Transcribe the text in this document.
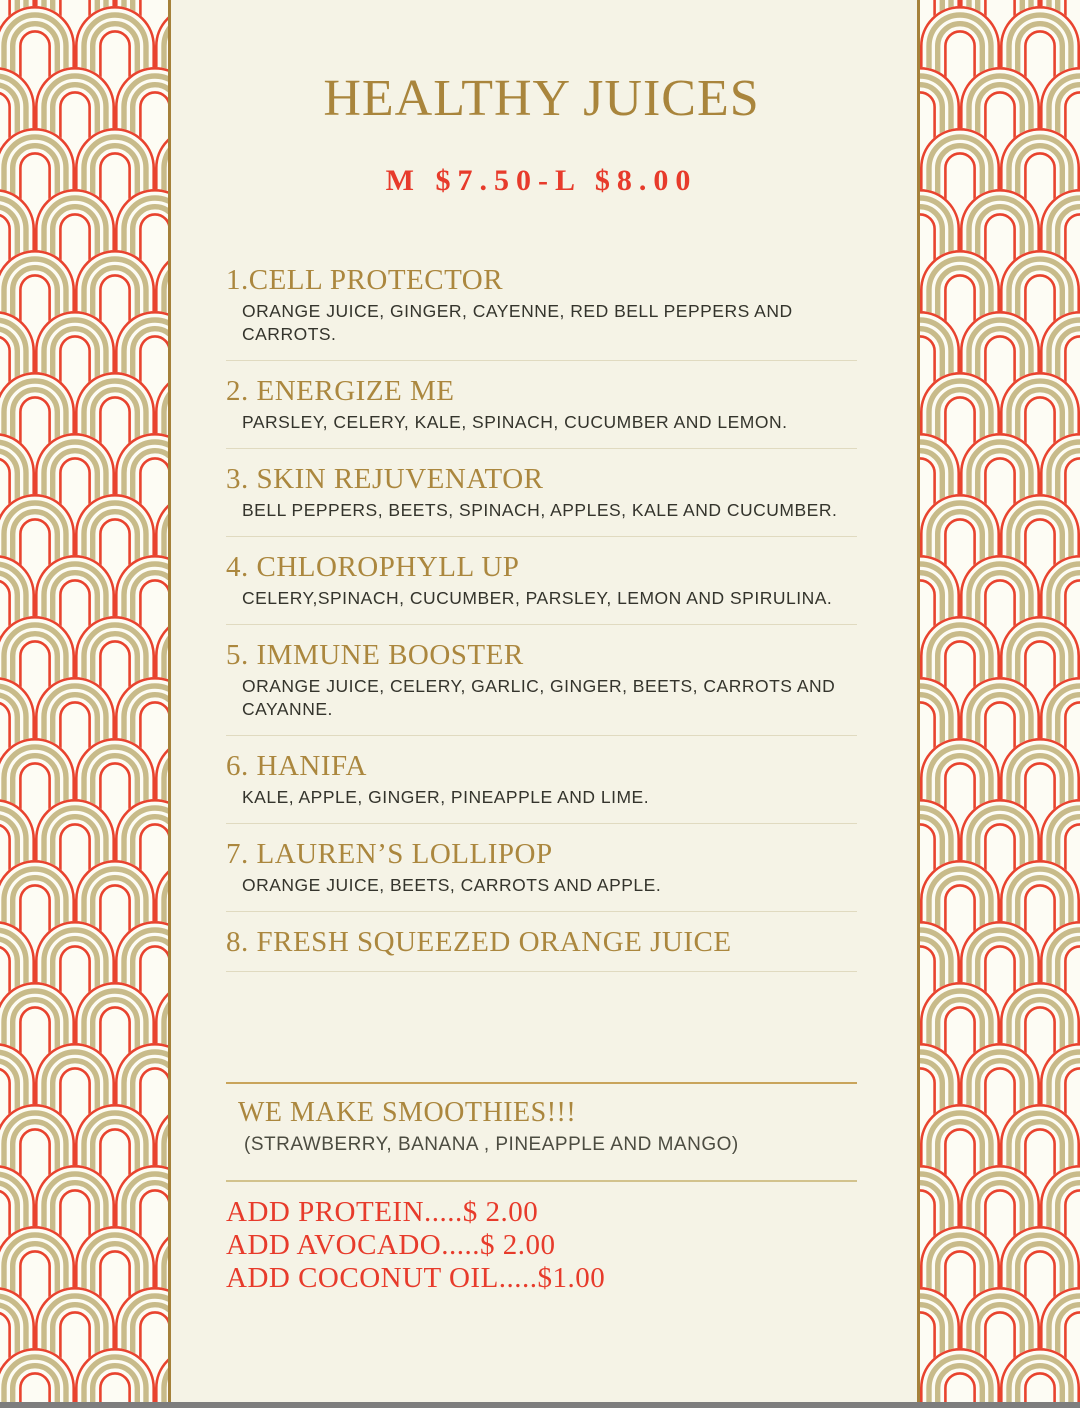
HEALTHY JUICES
M $7.50-L $8.00
1.CELL PROTECTOR
ORANGE JUICE, GINGER, CAYENNE, RED BELL PEPPERS AND CARROTS.
2. ENERGIZE ME
PARSLEY, CELERY, KALE, SPINACH, CUCUMBER AND LEMON.
3. SKIN REJUVENATOR
BELL PEPPERS, BEETS, SPINACH, APPLES, KALE AND CUCUMBER.
4. CHLOROPHYLL UP
CELERY,SPINACH, CUCUMBER, PARSLEY, LEMON AND SPIRULINA.
5. IMMUNE BOOSTER
ORANGE JUICE, CELERY, GARLIC, GINGER, BEETS, CARROTS AND CAYANNE.
6. HANIFA
KALE, APPLE, GINGER, PINEAPPLE AND LIME.
7. LAUREN’S LOLLIPOP
ORANGE JUICE, BEETS, CARROTS AND APPLE.
8. FRESH SQUEEZED ORANGE JUICE
WE MAKE SMOOTHIES!!!
(STRAWBERRY, BANANA , PINEAPPLE AND MANGO)
ADD PROTEIN.....$ 2.00
ADD AVOCADO.....$ 2.00
ADD COCONUT OIL.....$1.00
